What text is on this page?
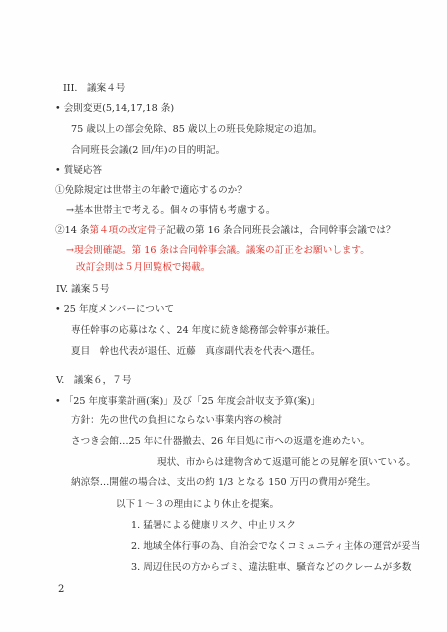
III.　議案４号
• 会則変更(5,14,17,18 条)
75 歳以上の部会免除、85 歳以上の班長免除規定の追加。
合同班長会議(2 回/年)の目的明記。
• 質疑応答
①免除規定は世帯主の年齢で適応するのか？
→基本世帯主で考える。個々の事情も考慮する。
②14 条第４項の改定骨子記載の第 16 条合同班長会議は，合同幹事会議では？
→現会則確認。第 16 条は合同幹事会議。議案の訂正をお願いします。
改訂会則は５月回覧板で掲載。
IV. 議案５号
• 25 年度メンバーについて
専任幹事の応募はなく、24 年度に続き総務部会幹事が兼任。
夏目　幹也代表が退任、近藤　真彦副代表を代表へ選任。
V.　議案６，７号
• 「25 年度事業計画(案)」及び「25 年度会計収支予算(案)」
方針：先の世代の負担にならない事業内容の検討
さつき会館…25 年に什器撤去、26 年目処に市への返還を進めたい。
現状、市からは建物含めて返還可能との見解を頂いている。
納涼祭…開催の場合は、支出の約 1/3 となる 150 万円の費用が発生。
以下１～３の理由により休止を提案。
1. 猛暑による健康リスク、中止リスク
2. 地域全体行事の為、自治会でなくコミュニティ主体の運営が妥当
3. 周辺住民の方からゴミ、違法駐車、騒音などのクレームが多数
2
